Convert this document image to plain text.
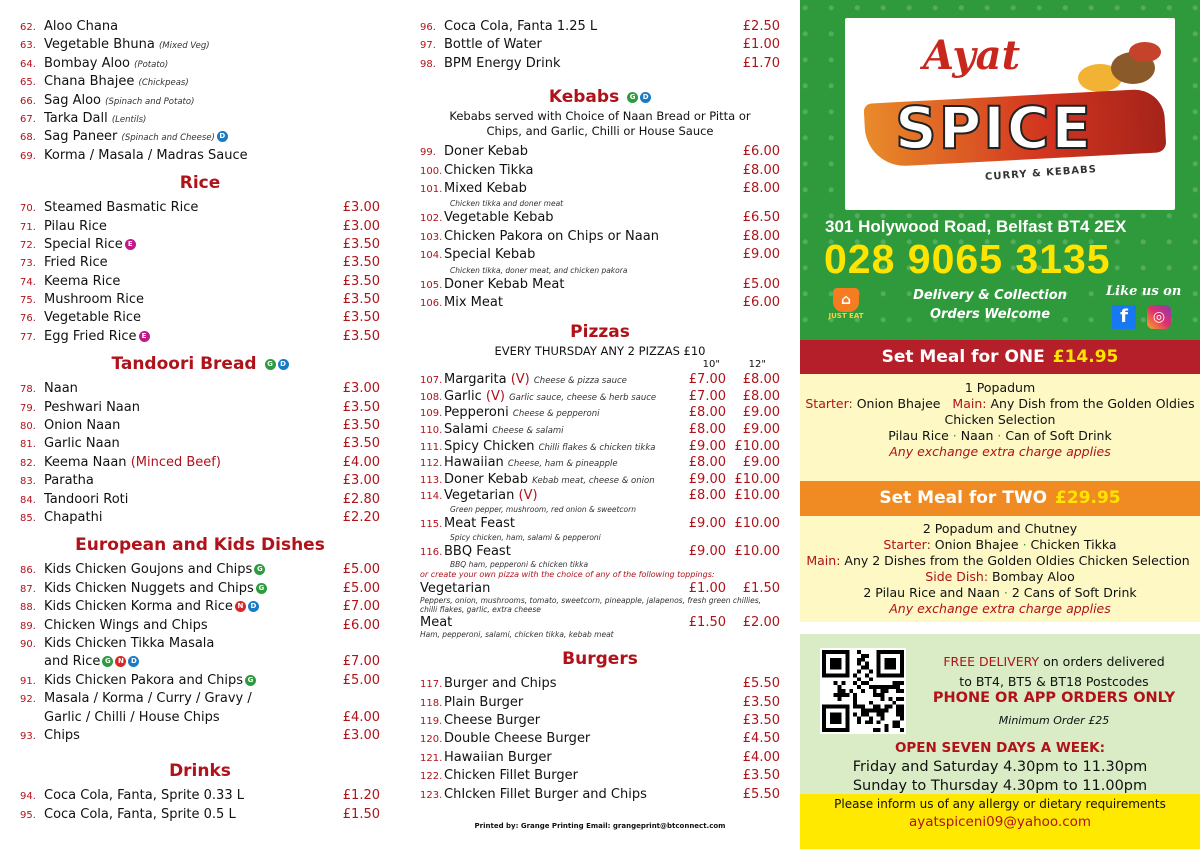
62. Aloo Chana
63. Vegetable Bhuna (Mixed Veg)
64. Bombay Aloo (Potato)
65. Chana Bhajee (Chickpeas)
66. Sag Aloo (Spinach and Potato)
67. Tarka Dall (Lentils)
68. Sag Paneer (Spinach and Cheese) D
69. Korma / Masala / Madras Sauce
Rice
70. Steamed Basmatic Rice	£3.00
71. Pilau Rice	£3.00
72. Special Rice E	£3.50
73. Fried Rice	£3.50
74. Keema Rice	£3.50
75. Mushroom Rice	£3.50
76. Vegetable Rice	£3.50
77. Egg Fried Rice E	£3.50
Tandoori Bread G D
78. Naan	£3.00
79. Peshwari Naan	£3.50
80. Onion Naan	£3.50
81. Garlic Naan	£3.50
82. Keema Naan (Minced Beef)	£4.00
83. Paratha	£3.00
84. Tandoori Roti	£2.80
85. Chapathi	£2.20
European and Kids Dishes
86. Kids Chicken Goujons and Chips G	£5.00
87. Kids Chicken Nuggets and Chips G	£5.00
88. Kids Chicken Korma and Rice N D	£7.00
89. Chicken Wings and Chips	£6.00
90. Kids Chicken Tikka Masala
and Rice G N D	£7.00
91. Kids Chicken Pakora and Chips G	£5.00
92. Masala / Korma / Curry / Gravy /
Garlic / Chilli / House Chips	£4.00
93. Chips	£3.00
Drinks
94. Coca Cola, Fanta, Sprite 0.33 L	£1.20
95. Coca Cola, Fanta, Sprite 0.5 L	£1.50
96. Coca Cola, Fanta 1.25 L	£2.50
97. Bottle of Water	£1.00
98. BPM Energy Drink	£1.70
Kebabs G D
Kebabs served with Choice of Naan Bread or Pitta or Chips, and Garlic, Chilli or House Sauce
99. Doner Kebab	£6.00
100. Chicken Tikka	£8.00
101. Mixed Kebab	£8.00
Chicken tikka and doner meat
102. Vegetable Kebab	£6.50
103. Chicken Pakora on Chips or Naan	£8.00
104. Special Kebab	£9.00
Chicken tikka, doner meat, and chicken pakora
105. Doner Kebab Meat	£5.00
106. Mix Meat	£6.00
Pizzas
EVERY THURSDAY ANY 2 PIZZAS £10
10"	12"
107. Margarita (V) Cheese & pizza sauce	£7.00	£8.00
108. Garlic (V) Garlic sauce, cheese & herb sauce	£7.00	£8.00
109. Pepperoni Cheese & pepperoni	£8.00	£9.00
110. Salami Cheese & salami	£8.00	£9.00
111. Spicy Chicken Chilli flakes & chicken tikka	£9.00 £10.00
112. Hawaiian Cheese, ham & pineapple	£8.00	£9.00
113. Doner Kebab Kebab meat, cheese & onion	£9.00 £10.00
114. Vegetarian (V)	£8.00 £10.00
Green pepper, mushroom, red onion & sweetcorn
115. Meat Feast	£9.00 £10.00
Spicy chicken, ham, salami & pepperoni
116. BBQ Feast	£9.00 £10.00
BBQ ham, pepperoni & chicken tikka
or create your own pizza with the choice of any of the following toppings:
Vegetarian	£1.00	£1.50
Peppers, onion, mushrooms, tomato, sweetcorn, pineapple, jalapenos, fresh green chillies, chilli flakes, garlic, extra cheese
Meat	£1.50	£2.00
Ham, pepperoni, salami, chicken tikka, kebab meat
Burgers
117. Burger and Chips	£5.50
118. Plain Burger	£3.50
119. Cheese Burger	£3.50
120. Double Cheese Burger	£4.50
121. Hawaiian Burger	£4.00
122. Chicken Fillet Burger	£3.50
123. ChIcken Fillet Burger and Chips	£5.50
Printed by: Grange Printing Email: grangeprint@btconnect.com
Ayat
SPICE
CURRY & KEBABS
301 Holywood Road, Belfast BT4 2EX
028 9065 3135
⌂
JUST EAT
Delivery & Collection Orders Welcome
Like us on
f	◎
Set Meal for ONE £14.95
1 Popadum
Starter: Onion Bhajee Main: Any Dish from the Golden Oldies Chicken Selection
Pilau Rice · Naan · Can of Soft Drink
Any exchange extra charge applies
Set Meal for TWO £29.95
2 Popadum and Chutney
Starter: Onion Bhajee · Chicken Tikka
Main: Any 2 Dishes from the Golden Oldies Chicken Selection  Side Dish: Bombay Aloo
2 Pilau Rice and Naan · 2 Cans of Soft Drink
Any exchange extra charge applies
FREE DELIVERY on orders delivered
to BT4, BT5 & BT18 Postcodes
PHONE OR APP ORDERS ONLY
Minimum Order £25
OPEN SEVEN DAYS A WEEK:
Friday and Saturday 4.30pm to 11.30pm
Sunday to Thursday 4.30pm to 11.00pm
Please inform us of any allergy or dietary requirements
ayatspiceni09@yahoo.com
